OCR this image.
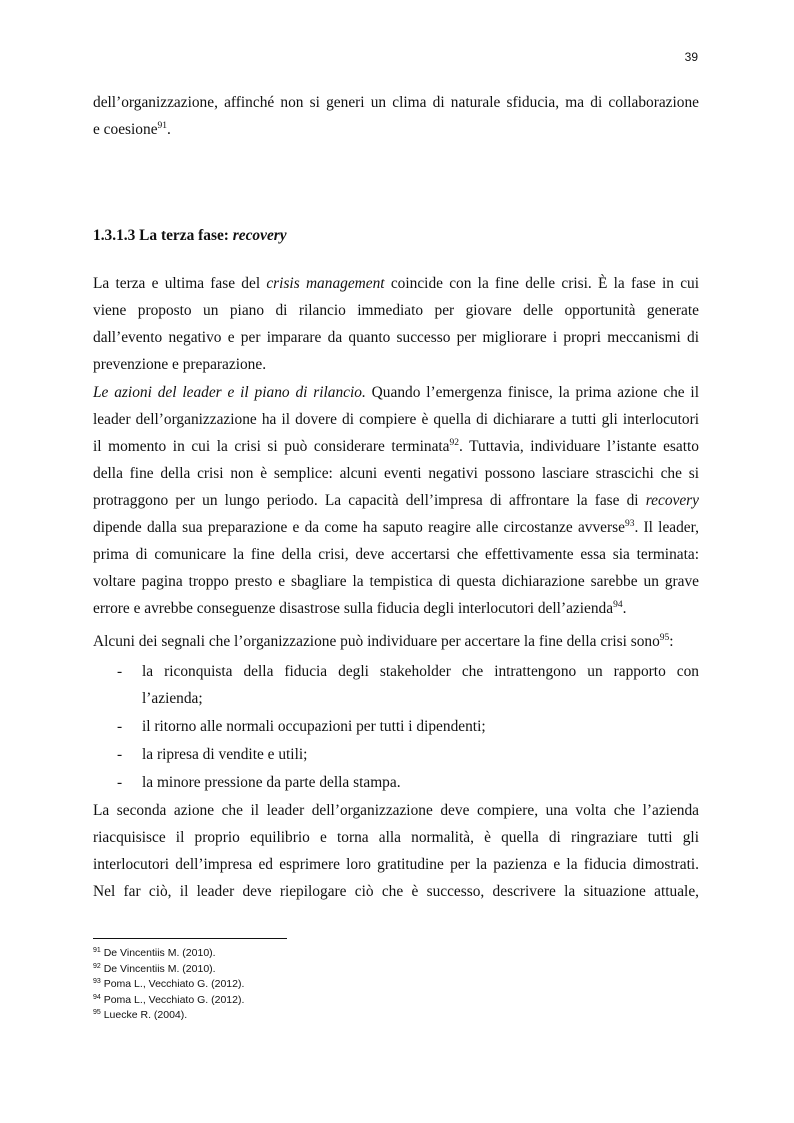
39
dell’organizzazione, affinché non si generi un clima di naturale sfiducia, ma di collaborazione
e coesione$^{91}$.
1.3.1.3 La terza fase: recovery
La terza e ultima fase del crisis management coincide con la fine delle crisi. È la fase in cui
viene proposto un piano di rilancio immediato per giovare delle opportunità generate
dall’evento negativo e per imparare da quanto successo per migliorare i propri meccanismi di
prevenzione e preparazione.
Le azioni del leader e il piano di rilancio. Quando l’emergenza finisce, la prima azione che il
leader dell’organizzazione ha il dovere di compiere è quella di dichiarare a tutti gli interlocutori
il momento in cui la crisi si può considerare terminata$^{92}$. Tuttavia, individuare l’istante esatto
della fine della crisi non è semplice: alcuni eventi negativi possono lasciare strascichi che si
protraggono per un lungo periodo. La capacità dell’impresa di affrontare la fase di recovery
dipende dalla sua preparazione e da come ha saputo reagire alle circostanze avverse$^{93}$. Il leader,
prima di comunicare la fine della crisi, deve accertarsi che effettivamente essa sia terminata:
voltare pagina troppo presto e sbagliare la tempistica di questa dichiarazione sarebbe un grave
errore e avrebbe conseguenze disastrose sulla fiducia degli interlocutori dell’azienda$^{94}$.
Alcuni dei segnali che l’organizzazione può individuare per accertare la fine della crisi sono$^{95}$:
- la riconquista della fiducia degli stakeholder che intrattengono un rapporto con
l’azienda;
- il ritorno alle normali occupazioni per tutti i dipendenti;
- la ripresa di vendite e utili;
- la minore pressione da parte della stampa.
La seconda azione che il leader dell’organizzazione deve compiere, una volta che l’azienda
riacquisisce il proprio equilibrio e torna alla normalità, è quella di ringraziare tutti gli
interlocutori dell’impresa ed esprimere loro gratitudine per la pazienza e la fiducia dimostrati.
Nel far ciò, il leader deve riepilogare ciò che è successo, descrivere la situazione attuale,
$^{91}$ De Vincentiis M. (2010).
$^{92}$ De Vincentiis M. (2010).
$^{93}$ Poma L., Vecchiato G. (2012).
$^{94}$ Poma L., Vecchiato G. (2012).
$^{95}$ Luecke R. (2004).
